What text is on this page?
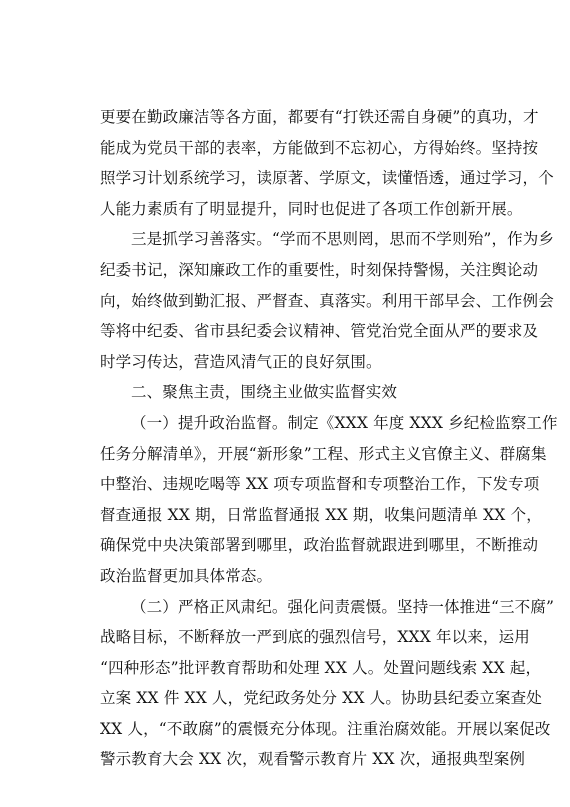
更要在勤政廉洁等各方面，都要有“打铁还需自身硬”的真功，才
能成为党员干部的表率，方能做到不忘初心，方得始终。坚持按
照学习计划系统学习，读原著、学原文，读懂悟透，通过学习，个
人能力素质有了明显提升，同时也促进了各项工作创新开展。
三是抓学习善落实。“学而不思则罔，思而不学则殆”，作为乡
纪委书记，深知廉政工作的重要性，时刻保持警惕，关注舆论动
向，始终做到勤汇报、严督查、真落实。利用干部早会、工作例会
等将中纪委、省市县纪委会议精神、管党治党全面从严的要求及
时学习传达，营造风清气正的良好氛围。
二、聚焦主责，围绕主业做实监督实效
（一）提升政治监督。制定《XXX 年度 XXX 乡纪检监察工作
任务分解清单》，开展“新形象”工程、形式主义官僚主义、群腐集
中整治、违规吃喝等 XX 项专项监督和专项整治工作，下发专项
督查通报 XX 期，日常监督通报 XX 期，收集问题清单 XX 个，
确保党中央决策部署到哪里，政治监督就跟进到哪里，不断推动
政治监督更加具体常态。
（二）严格正风肃纪。强化问责震慑。坚持一体推进“三不腐”
战略目标，不断释放一严到底的强烈信号，XXX 年以来，运用
“四种形态”批评教育帮助和处理 XX 人。处置问题线索 XX 起，
立案 XX 件 XX 人，党纪政务处分 XX 人。协助县纪委立案查处
XX 人，“不敢腐”的震慑充分体现。注重治腐效能。开展以案促改
警示教育大会 XX 次，观看警示教育片 XX 次，通报典型案例
